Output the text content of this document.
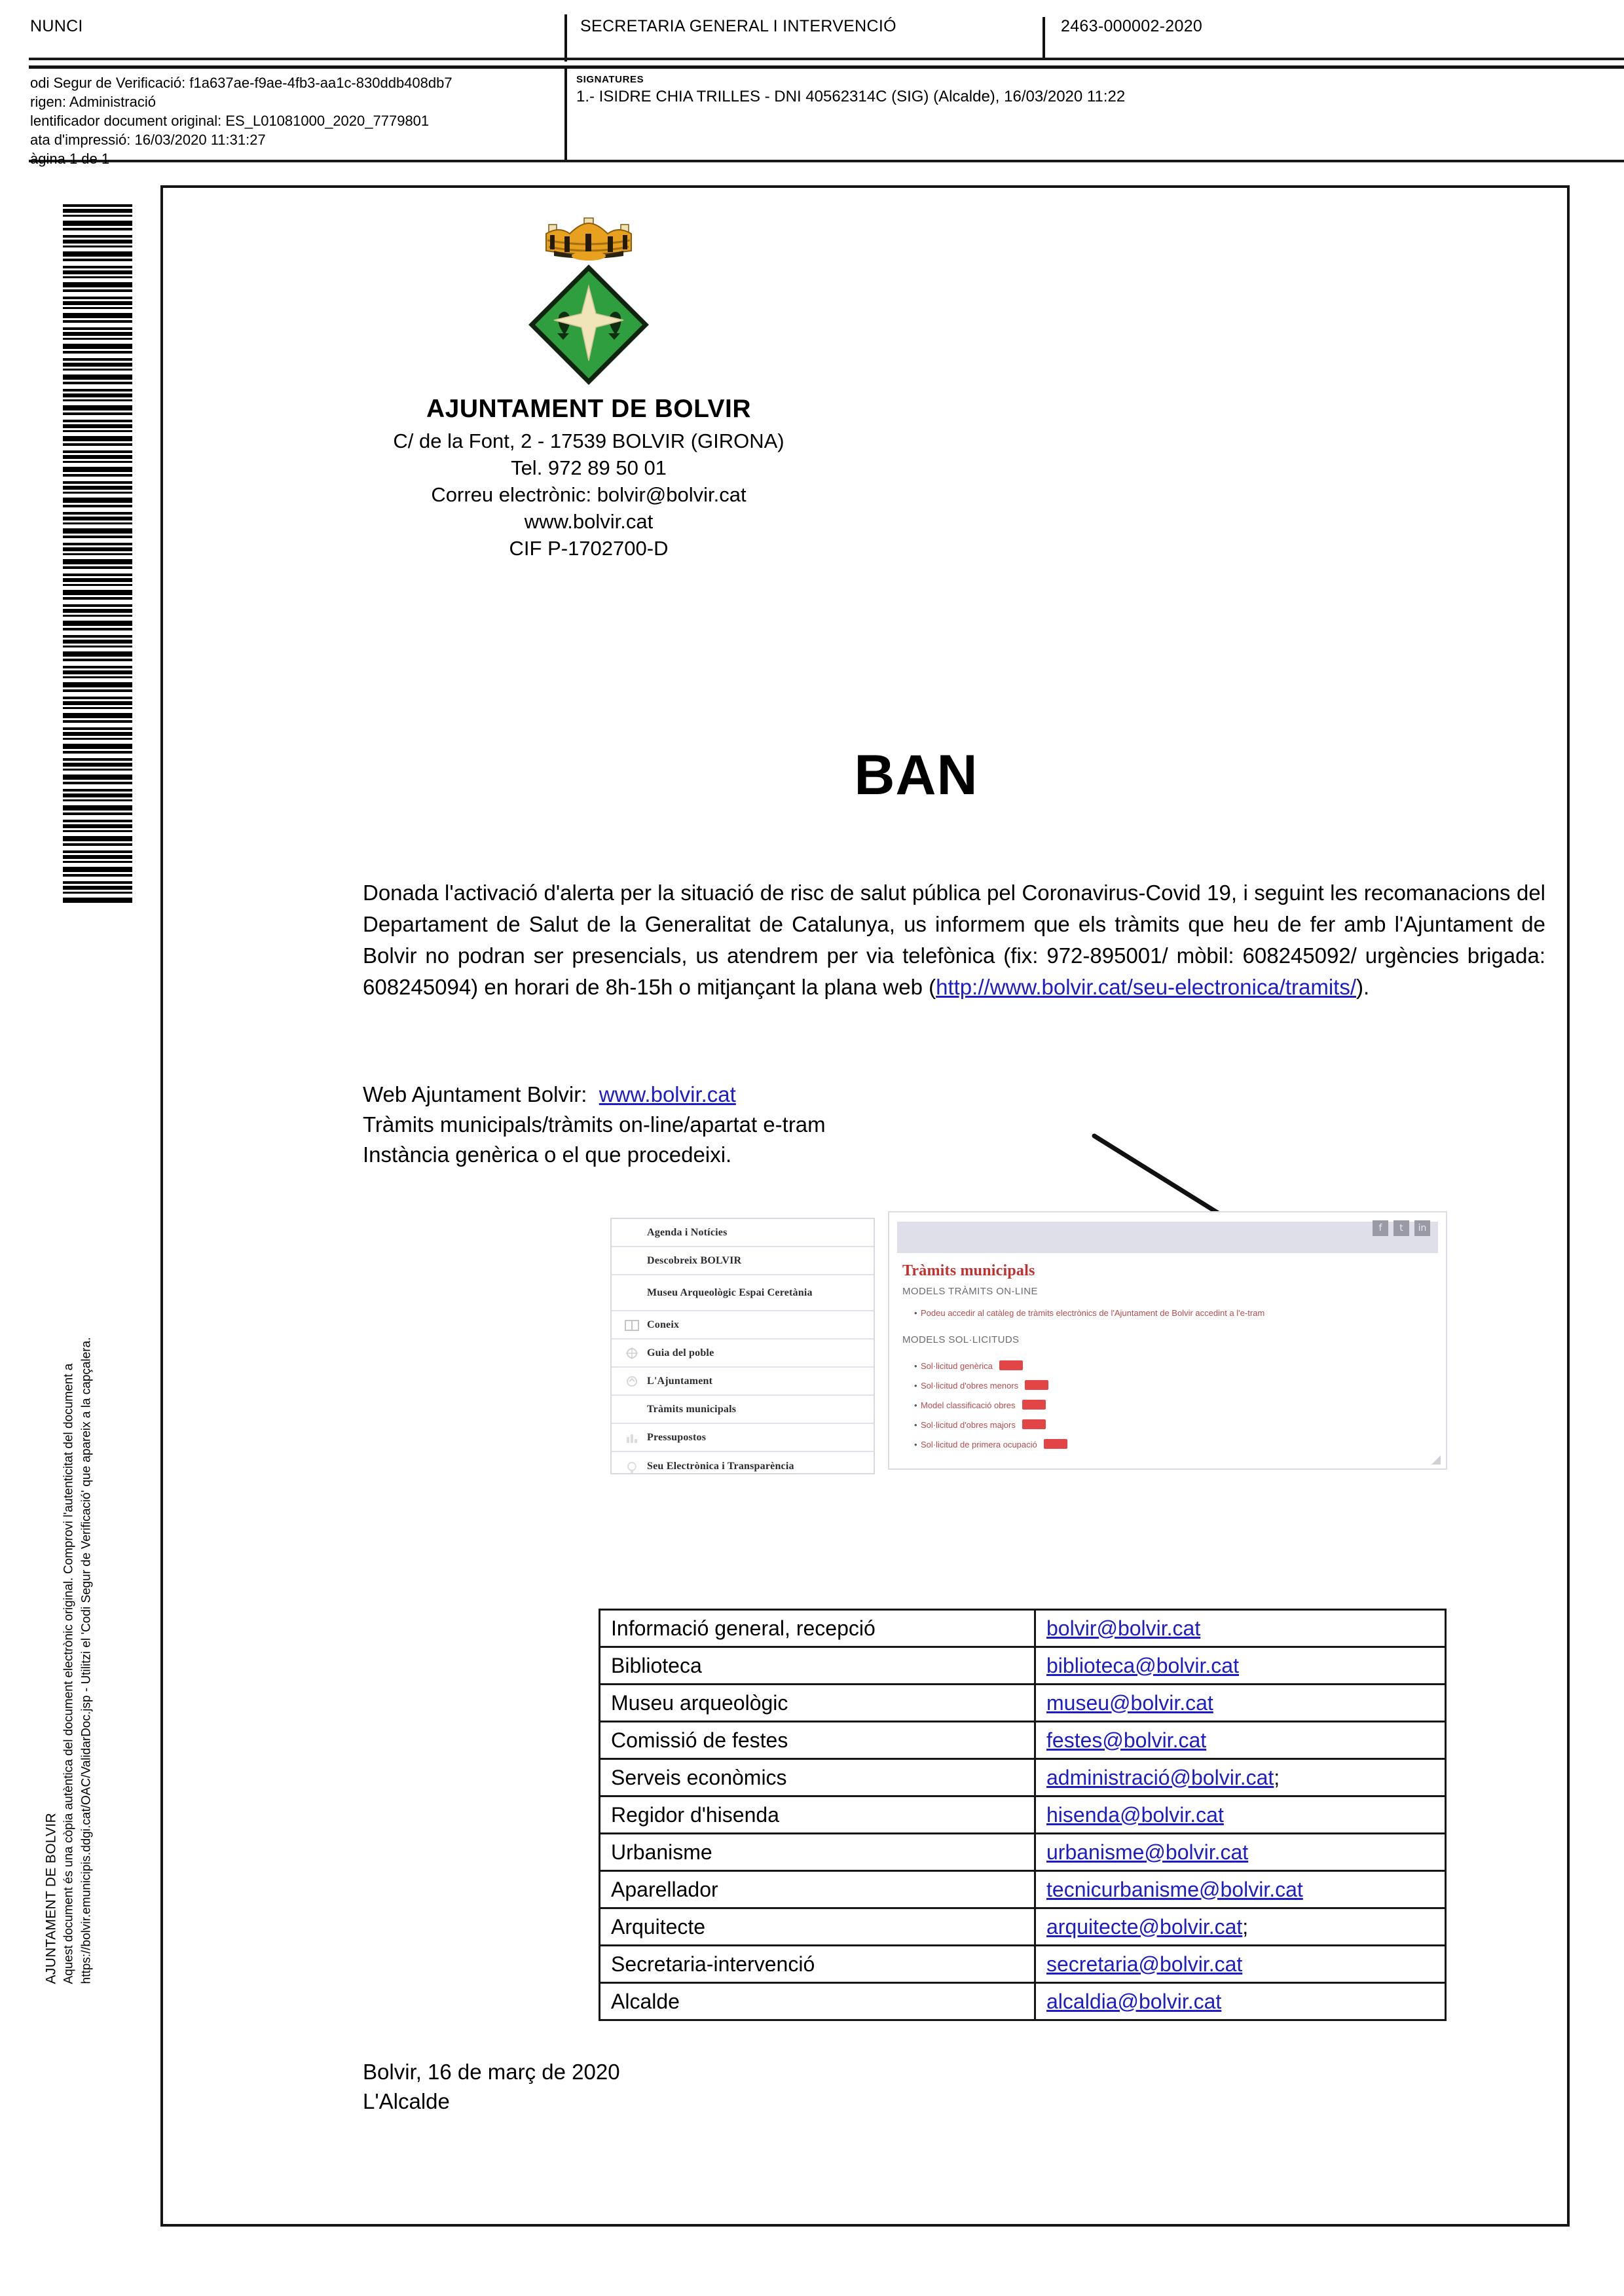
NUNCI	SECRETARIA GENERAL I INTERVENCIÓ	2463-000002-2020
odi Segur de Verificació: f1a637ae-f9ae-4fb3-aa1c-830ddb408db7
rigen: Administració
lentificador document original: ES_L01081000_2020_7779801
ata d'impressió: 16/03/2020 11:31:27
àgina 1 de 1
SIGNATURES
1.- ISIDRE CHIA TRILLES - DNI 40562314C (SIG) (Alcalde), 16/03/2020 11:22
AJUNTAMENT DE BOLVIR Aquest document és una còpia autèntica del document electrònic original. Comprovi l'autenticitat del document a https://bolvir.emunicipis.ddgi.cat/OAC/ValidarDoc.jsp - Utilitzi el 'Codi Segur de Verificació' que apareix a la capçalera.
AJUNTAMENT DE BOLVIR
C/ de la Font, 2 - 17539 BOLVIR (GIRONA)
Tel. 972 89 50 01
Correu electrònic: bolvir@bolvir.cat
www.bolvir.cat
CIF P-1702700-D
BAN

Donada l'activació d'alerta per la situació de risc de salut pública pel Coronavirus-Covid 19, i seguint les recomanacions del Departament de Salut de la Generalitat de Catalunya, us informem que els tràmits que heu de fer amb l'Ajuntament de Bolvir no podran ser presencials, us atendrem per via telefònica (fix: 972-895001/ mòbil: 608245092/ urgències brigada: 608245094) en horari de 8h-15h o mitjançant la plana web (http://www.bolvir.cat/seu-electronica/tramits/).

Web Ajuntament Bolvir: www.bolvir.cat
Tràmits municipals/tràmits on-line/apartat e-tram
Instància genèrica o el que procedeixi.
Agenda i Notícies
Descobreix BOLVIR
Museu Arqueològic Espai Ceretània
Coneix
Guia del poble
L'Ajuntament
Tràmits municipals
Pressupostos
Seu Electrònica i Transparència
f	t	in
Tràmits municipals
MODELS TRÀMITS ON-LINE
• Podeu accedir al catàleg de tràmits electrònics de l'Ajuntament de Bolvir accedint a l'e-tram
MODELS SOL·LICITUDS
• Sol·licitud genèrica
• Sol·licitud d'obres menors
• Model classificació obres
• Sol·licitud d'obres majors
• Sol·licitud de primera ocupació
Informació general, recepció	bolvir@bolvir.cat
Biblioteca	biblioteca@bolvir.cat
Museu arqueològic	museu@bolvir.cat
Comissió de festes	festes@bolvir.cat
Serveis econòmics	administració@bolvir.cat;
Regidor d'hisenda	hisenda@bolvir.cat
Urbanisme	urbanisme@bolvir.cat
Aparellador	tecnicurbanisme@bolvir.cat
Arquitecte	arquitecte@bolvir.cat;
Secretaria-intervenció	secretaria@bolvir.cat
Alcalde	alcaldia@bolvir.cat
Bolvir, 16 de març de 2020
L'Alcalde
